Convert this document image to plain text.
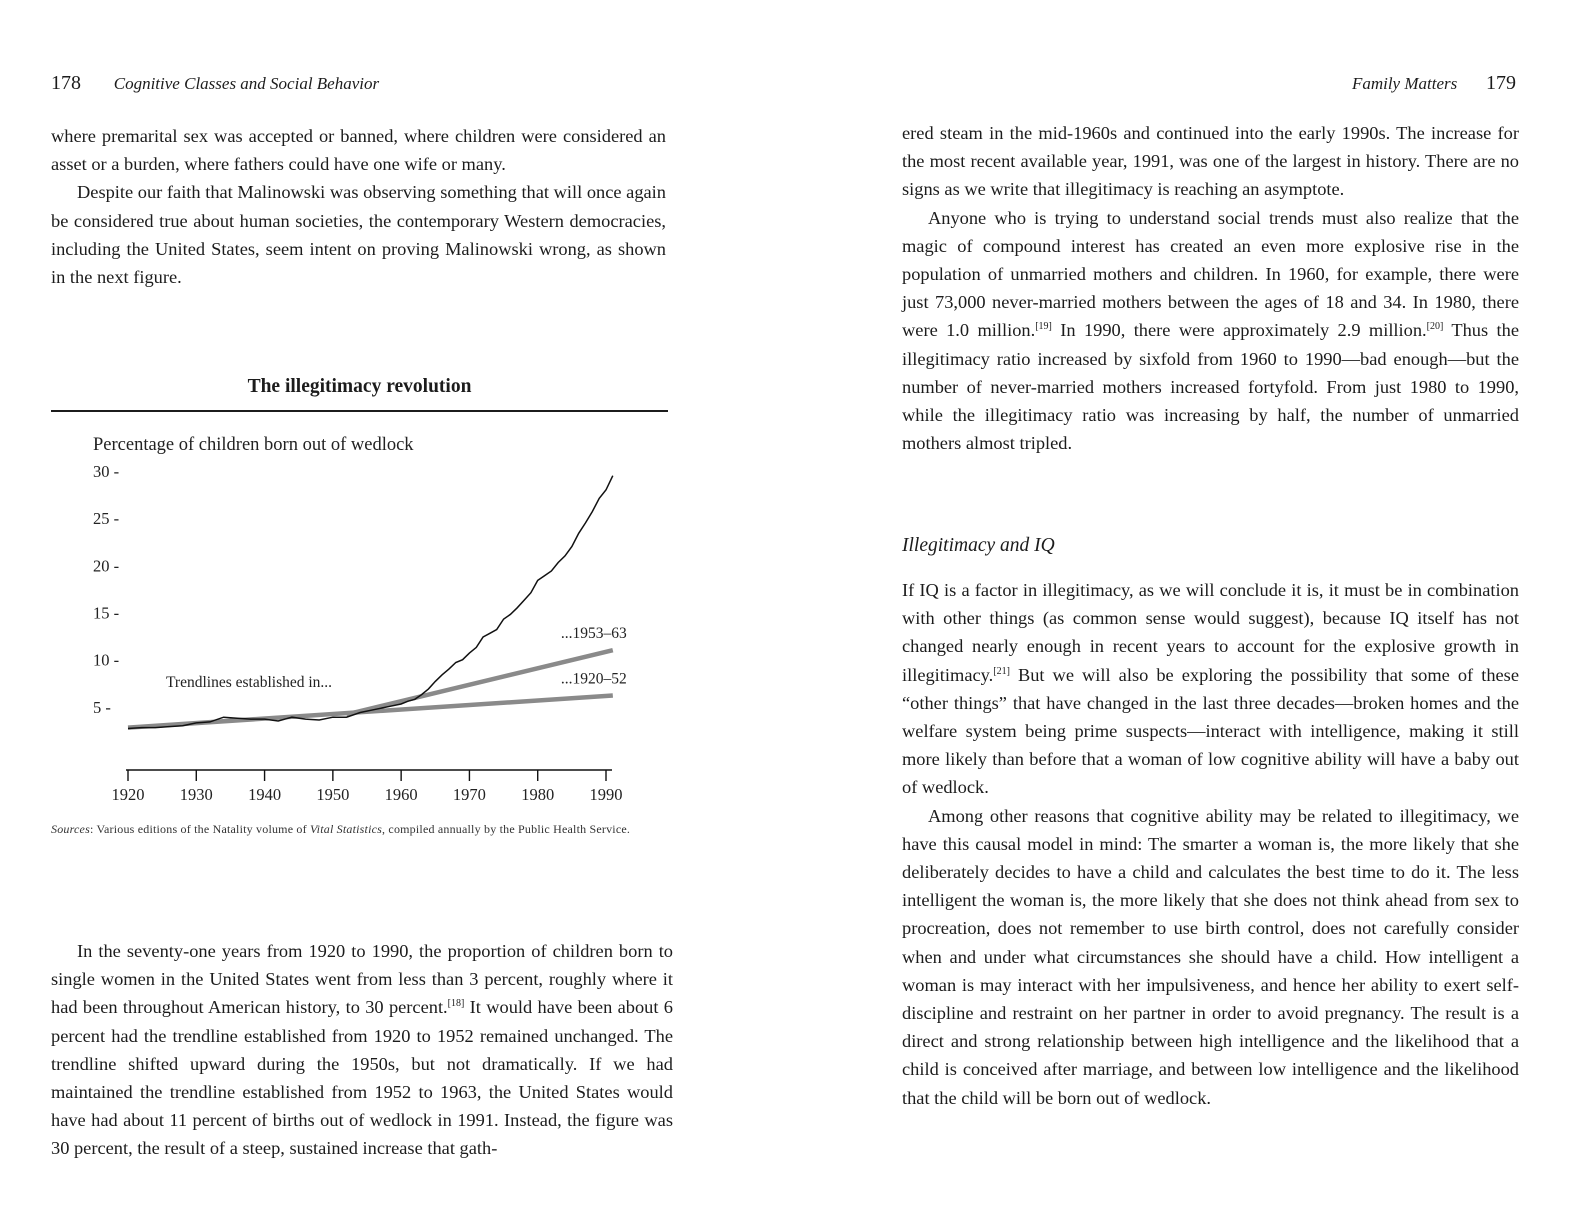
178 Cognitive Classes and Social Behavior

where premarital sex was accepted or banned, where children were considered an asset or a burden, where fathers could have one wife or many.

Despite our faith that Malinowski was observing something that will once again be considered true about human societies, the contemporary Western democracies, including the United States, seem intent on proving Malinowski wrong, as shown in the next figure.

The illegitimacy revolution
Percentage of children born out of wedlock
30 -
25 -
20 -
15 -
10 -
5 -
...1953–63
...1920–52
1920 1930 1940 1950 1960 1970 1980 1990
Trendlines established in...
Sources: Various editions of the Natality volume of Vital Statistics, compiled annually by the Public Health Service.

In the seventy-one years from 1920 to 1990, the proportion of children born to single women in the United States went from less than 3 percent, roughly where it had been throughout American history, to 30 percent.[18] It would have been about 6 percent had the trendline established from 1920 to 1952 remained unchanged. The trendline shifted upward during the 1950s, but not dramatically. If we had maintained the trendline established from 1952 to 1963, the United States would have had about 11 percent of births out of wedlock in 1991. Instead, the figure was 30 percent, the result of a steep, sustained increase that gath-

Family Matters 179

ered steam in the mid-1960s and continued into the early 1990s. The increase for the most recent available year, 1991, was one of the largest in history. There are no signs as we write that illegitimacy is reaching an asymptote.

Anyone who is trying to understand social trends must also realize that the magic of compound interest has created an even more explosive rise in the population of unmarried mothers and children. In 1960, for example, there were just 73,000 never-married mothers between the ages of 18 and 34. In 1980, there were 1.0 million.[19] In 1990, there were approximately 2.9 million.[20] Thus the illegitimacy ratio increased by sixfold from 1960 to 1990—bad enough—but the number of never-married mothers increased fortyfold. From just 1980 to 1990, while the illegitimacy ratio was increasing by half, the number of unmarried mothers almost tripled.

Illegitimacy and IQ

If IQ is a factor in illegitimacy, as we will conclude it is, it must be in combination with other things (as common sense would suggest), because IQ itself has not changed nearly enough in recent years to account for the explosive growth in illegitimacy.[21] But we will also be exploring the possibility that some of these “other things” that have changed in the last three decades—broken homes and the welfare system being prime suspects—interact with intelligence, making it still more likely than before that a woman of low cognitive ability will have a baby out of wedlock.

Among other reasons that cognitive ability may be related to illegitimacy, we have this causal model in mind: The smarter a woman is, the more likely that she deliberately decides to have a child and calculates the best time to do it. The less intelligent the woman is, the more likely that she does not think ahead from sex to procreation, does not remember to use birth control, does not carefully consider when and under what circumstances she should have a child. How intelligent a woman is may interact with her impulsiveness, and hence her ability to exert self-discipline and restraint on her partner in order to avoid pregnancy. The result is a direct and strong relationship between high intelligence and the likelihood that a child is conceived after marriage, and between low intelligence and the likelihood that the child will be born out of wedlock.
